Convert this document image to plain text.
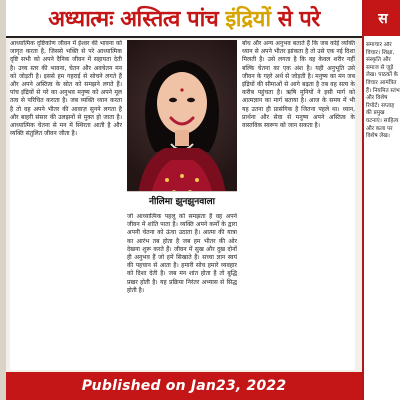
अध्यात्मः अस्तित्व पांच इंद्रियों से परे
आध्यात्मिक दृष्टिकोण जीवन में ईश्वर की भावना को जागृत करता है, जिससे भक्ति से परे आध्यात्मिक दृष्टि सभी को अपने दैनिक जीवन में सहायता देती है। उच्च स्तर की भावना, चेतन और अवचेतन मन को जोड़ती है। इससे हम गहराई से सोचने लगते हैं और अपने अस्तित्व के स्रोत को समझने लगते हैं। पांच इंद्रियों से परे का अनुभव मनुष्य को अपने मूल तत्व से परिचित कराता है। जब व्यक्ति ध्यान करता है तो वह अपने भीतर की आवाज़ सुनने लगता है और बाहरी संसार की उलझनों से मुक्त हो जाता है। आध्यात्मिक चेतना से मन में स्थिरता आती है और व्यक्ति संतुलित जीवन जीता है।
नीलिमा झुनझुनवाला
जो आध्यात्मिक पहलू को समझता है वह अपने जीवन में शांति पाता है। व्यक्ति अपने कर्मों के द्वारा अपनी चेतना को ऊंचा उठाता है। आत्मा की यात्रा का आरंभ तब होता है जब हम भीतर की ओर देखना शुरू करते हैं। जीवन में सुख और दुख दोनों ही अनुभव हैं जो हमें सिखाते हैं। सच्चा ज्ञान स्वयं की पहचान से आता है। हमारी सोच हमारे व्यवहार को दिशा देती है। जब मन शांत होता है तो बुद्धि प्रखर होती है। यह प्रक्रिया निरंतर अभ्यास से सिद्ध होती है।
बोध और अन्य अनुभव बताते हैं कि जब कोई व्यक्ति ध्यान से अपने भीतर झांकता है तो उसे एक नई दिशा मिलती है। उसे लगता है कि वह केवल शरीर नहीं बल्कि चेतना का एक अंश है। यही अनुभूति उसे जीवन के गहरे अर्थ से जोड़ती है। मनुष्य का मन जब इंद्रियों की सीमाओं से आगे बढ़ता है तब वह सत्य के करीब पहुंचता है। ऋषि मुनियों ने इसी मार्ग को आत्मज्ञान का मार्ग बताया है। आज के समय में भी यह उतना ही प्रासंगिक है जितना पहले था। ध्यान, प्रार्थना और सेवा से मनुष्य अपने अस्तित्व के वास्तविक स्वरूप को जान सकता है।
स
समाचार और विचार। शिक्षा, संस्कृति और समाज से जुड़े लेख। पाठकों के विचार आमंत्रित हैं। नियमित स्तंभ और विशेष रिपोर्ट। सप्ताह की प्रमुख घटनाएं। साहित्य और कला पर विशेष लेख।
Published on Jan23, 2022
